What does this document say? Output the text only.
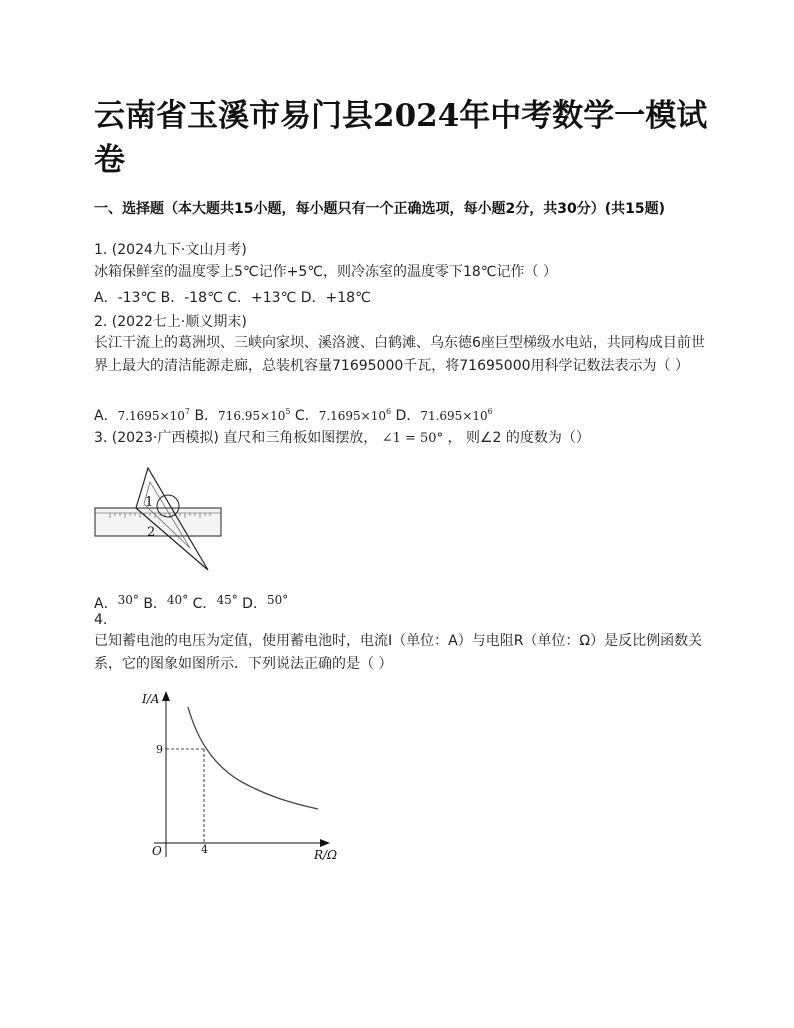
云南省玉溪市易门县2024年中考数学一模试
卷
一、选择题（本大题共15小题，每小题只有一个正确选项，每小题2分，共30分）(共15题)
1. (2024九下·文山月考)
冰箱保鲜室的温度零上5℃记作+5℃，则冷冻室的温度零下18℃记作（ ）
A．-13℃ B．-18℃ C．+13℃ D．+18℃
2. (2022七上·顺义期末)
长江干流上的葛洲坝、三峡向家坝、溪洛渡、白鹤滩、乌东德6座巨型梯级水电站，共同构成目前世界上最大的清洁能源走廊，总装机容量71695000千瓦，将71695000用科学记数法表示为（ ）
A．$7.1695\times 10^7$ B．$716.95\times 10^5$ C．$7.1695\times 10^6$ D．$71.695\times 10^6$
3. (2023·广西模拟) 直尺和三角板如图摆放， ∠1 = 50° ， 则∠2 的度数为（）
1
2
A．30° B．40° C．45° D．50°
4.
已知蓄电池的电压为定值，使用蓄电池时，电流I（单位：A）与电阻R（单位：Ω）是反比例函数关系，它的图象如图所示．下列说法正确的是（ ）
I/A
R/Ω
O
9
4
